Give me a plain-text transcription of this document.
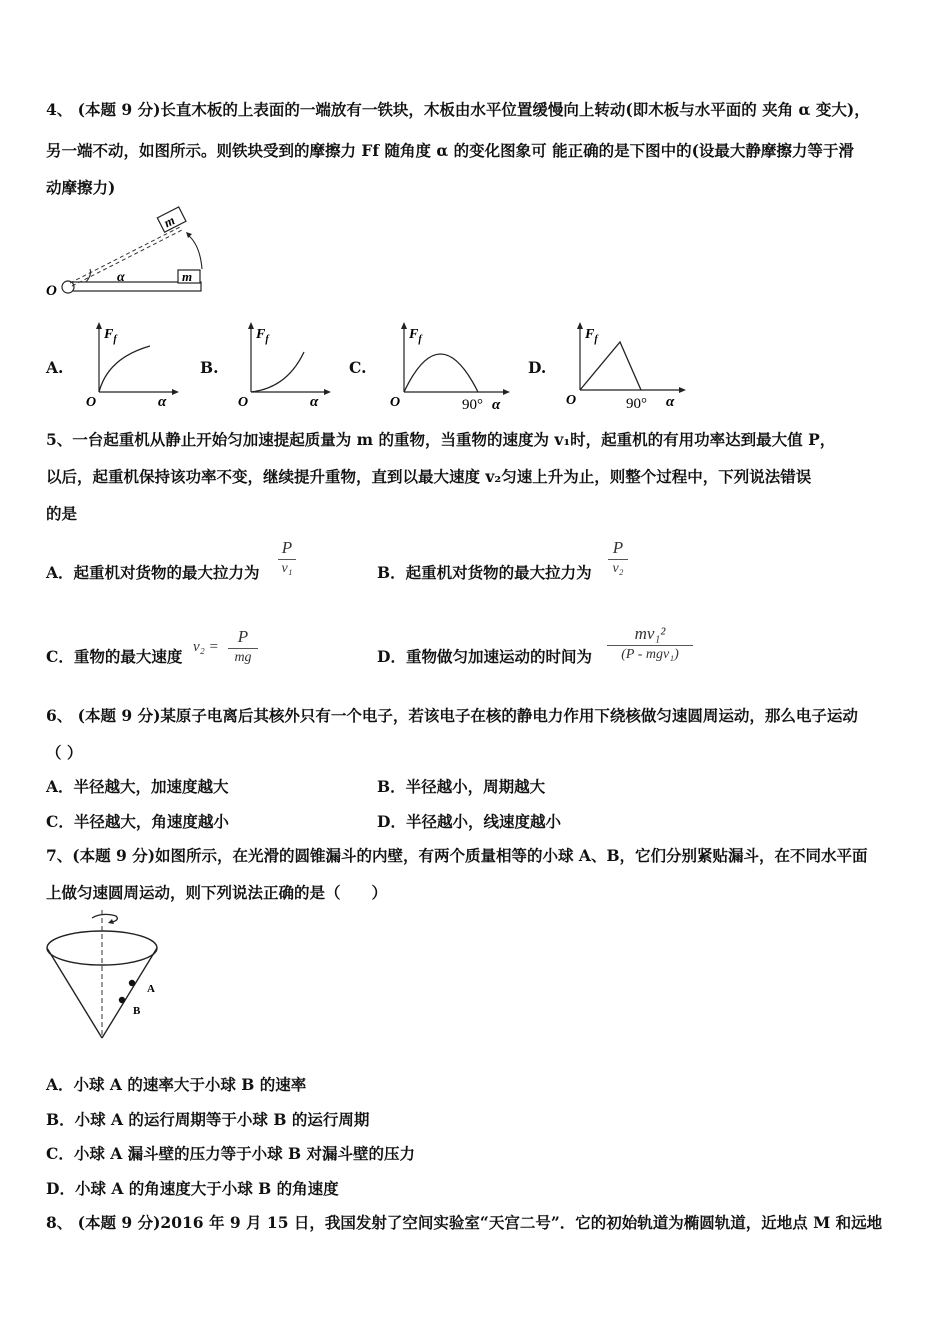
4、 (本题 9 分)长直木板的上表面的一端放有一铁块，木板由水平位置缓慢向上转动(即木板与水平面的 夹角 α 变大)，
另一端不动，如图所示。则铁块受到的摩擦力 Ff 随角度 α 的变化图象可 能正确的是下图中的(设最大静摩擦力等于滑
动摩擦力)
O
m
m
α
A.
$F_f$
O	α
B.
$F_f$
O	α
C.
$F_f$
O	90° α
D.
$F_f$
O	90° α
5、一台起重机从静止开始匀加速提起质量为 m 的重物，当重物的速度为 v₁时，起重机的有用功率达到最大值 P，
以后，起重机保持该功率不变，继续提升重物，直到以最大速度 v₂匀速上升为止，则整个过程中，下列说法错误
的是
A．起重机对货物的最大拉力为
P
v₁	B．起重机对货物的最大拉力为
P
v₂
C．重物的最大速度 v₂ =
P
mg	D．重物做匀加速运动的时间为
mv₁²
(P - mgv₁)
6、 (本题 9 分)某原子电离后其核外只有一个电子，若该电子在核的静电力作用下绕核做匀速圆周运动，那么电子运动
（ ）
A．半径越大，加速度越大	B．半径越小，周期越大
C．半径越大，角速度越小	D．半径越小，线速度越小
7、(本题 9 分)如图所示，在光滑的圆锥漏斗的内壁，有两个质量相等的小球 A、B，它们分别紧贴漏斗，在不同水平面
上做匀速圆周运动，则下列说法正确的是（　　）
A
B
A．小球 A 的速率大于小球 B 的速率
B．小球 A 的运行周期等于小球 B 的运行周期
C．小球 A 漏斗壁的压力等于小球 B 对漏斗壁的压力
D．小球 A 的角速度大于小球 B 的角速度
8、 (本题 9 分)2016 年 9 月 15 日，我国发射了空间实验室“天宫二号”．它的初始轨道为椭圆轨道，近地点 M 和远地
